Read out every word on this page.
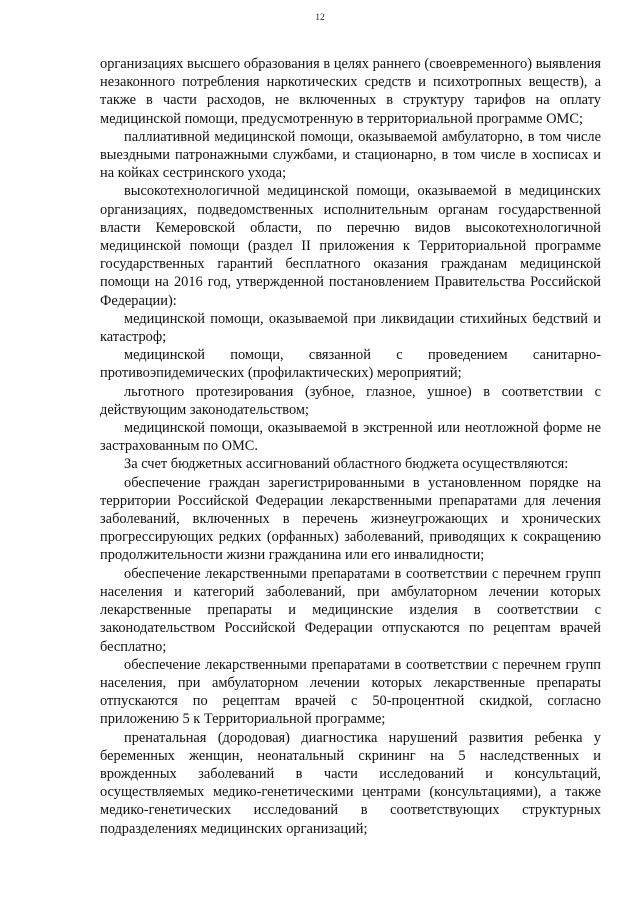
12

организациях высшего образования в целях раннего (своевременного) выявления незаконного потребления наркотических средств и психотропных веществ), а также в части расходов, не включенных в структуру тарифов на оплату медицинской помощи, предусмотренную в территориальной программе ОМС;

паллиативной медицинской помощи, оказываемой амбулаторно, в том числе выездными патронажными службами, и стационарно, в том числе в хосписах и на койках сестринского ухода;

высокотехнологичной медицинской помощи, оказываемой в медицинских организациях, подведомственных исполнительным органам государственной власти Кемеровской области, по перечню видов высокотехнологичной медицинской помощи (раздел II приложения к Территориальной программе государственных гарантий бесплатного оказания гражданам медицинской помощи на 2016 год, утвержденной постановлением Правительства Российской Федерации):

медицинской помощи, оказываемой при ликвидации стихийных бедствий и катастроф;

медицинской помощи, связанной с проведением санитарно-противоэпидемических (профилактических) мероприятий;

льготного протезирования (зубное, глазное, ушное) в соответствии с действующим законодательством;

медицинской помощи, оказываемой в экстренной или неотложной форме не застрахованным по ОМС.

За счет бюджетных ассигнований областного бюджета осуществляются:

обеспечение граждан зарегистрированными в установленном порядке на территории Российской Федерации лекарственными препаратами для лечения заболеваний, включенных в перечень жизнеугрожающих и хронических прогрессирующих редких (орфанных) заболеваний, приводящих к сокращению продолжительности жизни гражданина или его инвалидности;

обеспечение лекарственными препаратами в соответствии с перечнем групп населения и категорий заболеваний, при амбулаторном лечении которых лекарственные препараты и медицинские изделия в соответствии с законодательством Российской Федерации отпускаются по рецептам врачей бесплатно;

обеспечение лекарственными препаратами в соответствии с перечнем групп населения, при амбулаторном лечении которых лекарственные препараты отпускаются по рецептам врачей с 50-процентной скидкой, согласно приложению 5 к Территориальной программе;

пренатальная (дородовая) диагностика нарушений развития ребенка у беременных женщин, неонатальный скрининг на 5 наследственных и врожденных заболеваний в части исследований и консультаций, осуществляемых медико-генетическими центрами (консультациями), а также медико-генетических исследований в соответствующих структурных подразделениях медицинских организаций;
